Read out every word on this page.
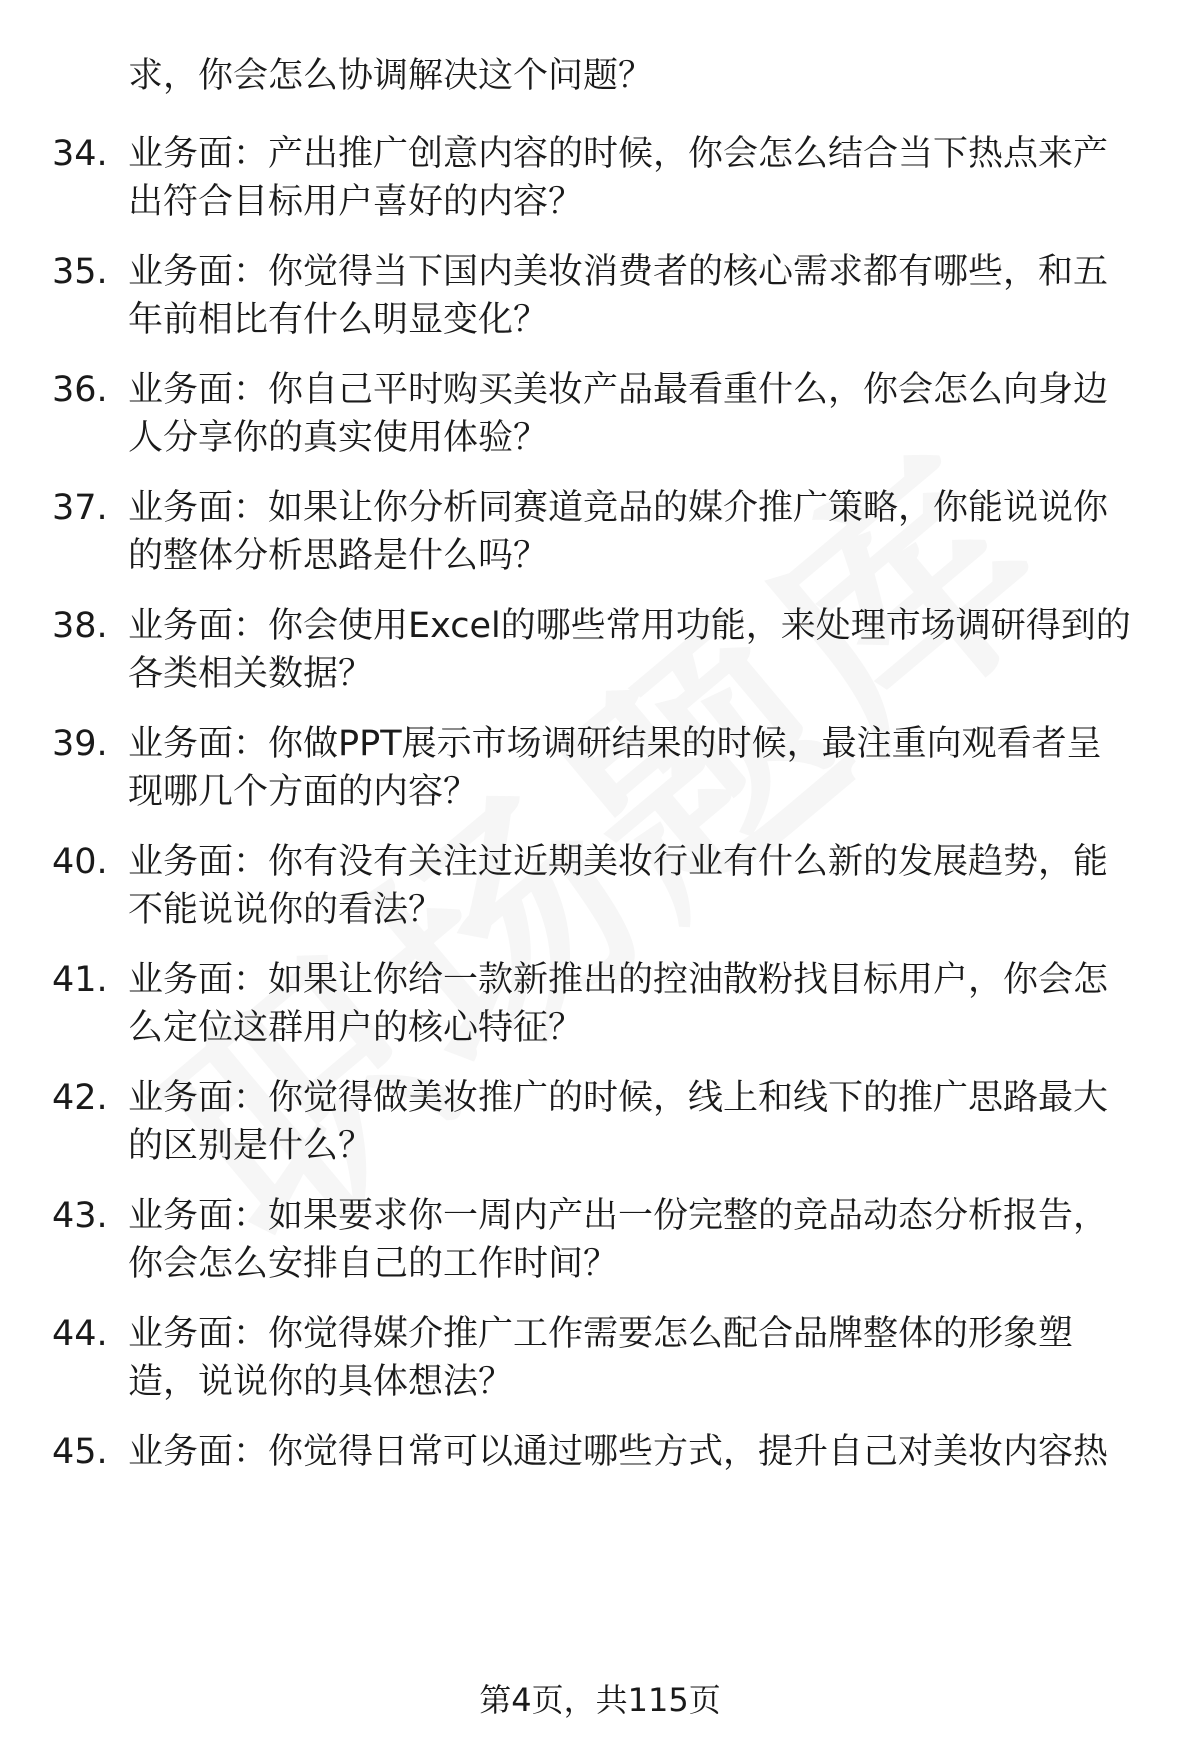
求，你会怎么协调解决这个问题？
34. 业务面：产出推广创意内容的时候，你会怎么结合当下热点来产
出符合目标用户喜好的内容？
35. 业务面：你觉得当下国内美妆消费者的核心需求都有哪些，和五
年前相比有什么明显变化？
36. 业务面：你自己平时购买美妆产品最看重什么，你会怎么向身边
人分享你的真实使用体验？
37. 业务面：如果让你分析同赛道竞品的媒介推广策略，你能说说你
的整体分析思路是什么吗？
38. 业务面：你会使用Excel的哪些常用功能，来处理市场调研得到的
各类相关数据？
39. 业务面：你做PPT展示市场调研结果的时候，最注重向观看者呈
现哪几个方面的内容？
40. 业务面：你有没有关注过近期美妆行业有什么新的发展趋势，能
不能说说你的看法？
41. 业务面：如果让你给一款新推出的控油散粉找目标用户，你会怎
么定位这群用户的核心特征？
42. 业务面：你觉得做美妆推广的时候，线上和线下的推广思路最大
的区别是什么？
43. 业务面：如果要求你一周内产出一份完整的竞品动态分析报告，
你会怎么安排自己的工作时间？
44. 业务面：你觉得媒介推广工作需要怎么配合品牌整体的形象塑
造，说说你的具体想法？
45. 业务面：你觉得日常可以通过哪些方式，提升自己对美妆内容热
第4页，共115页
